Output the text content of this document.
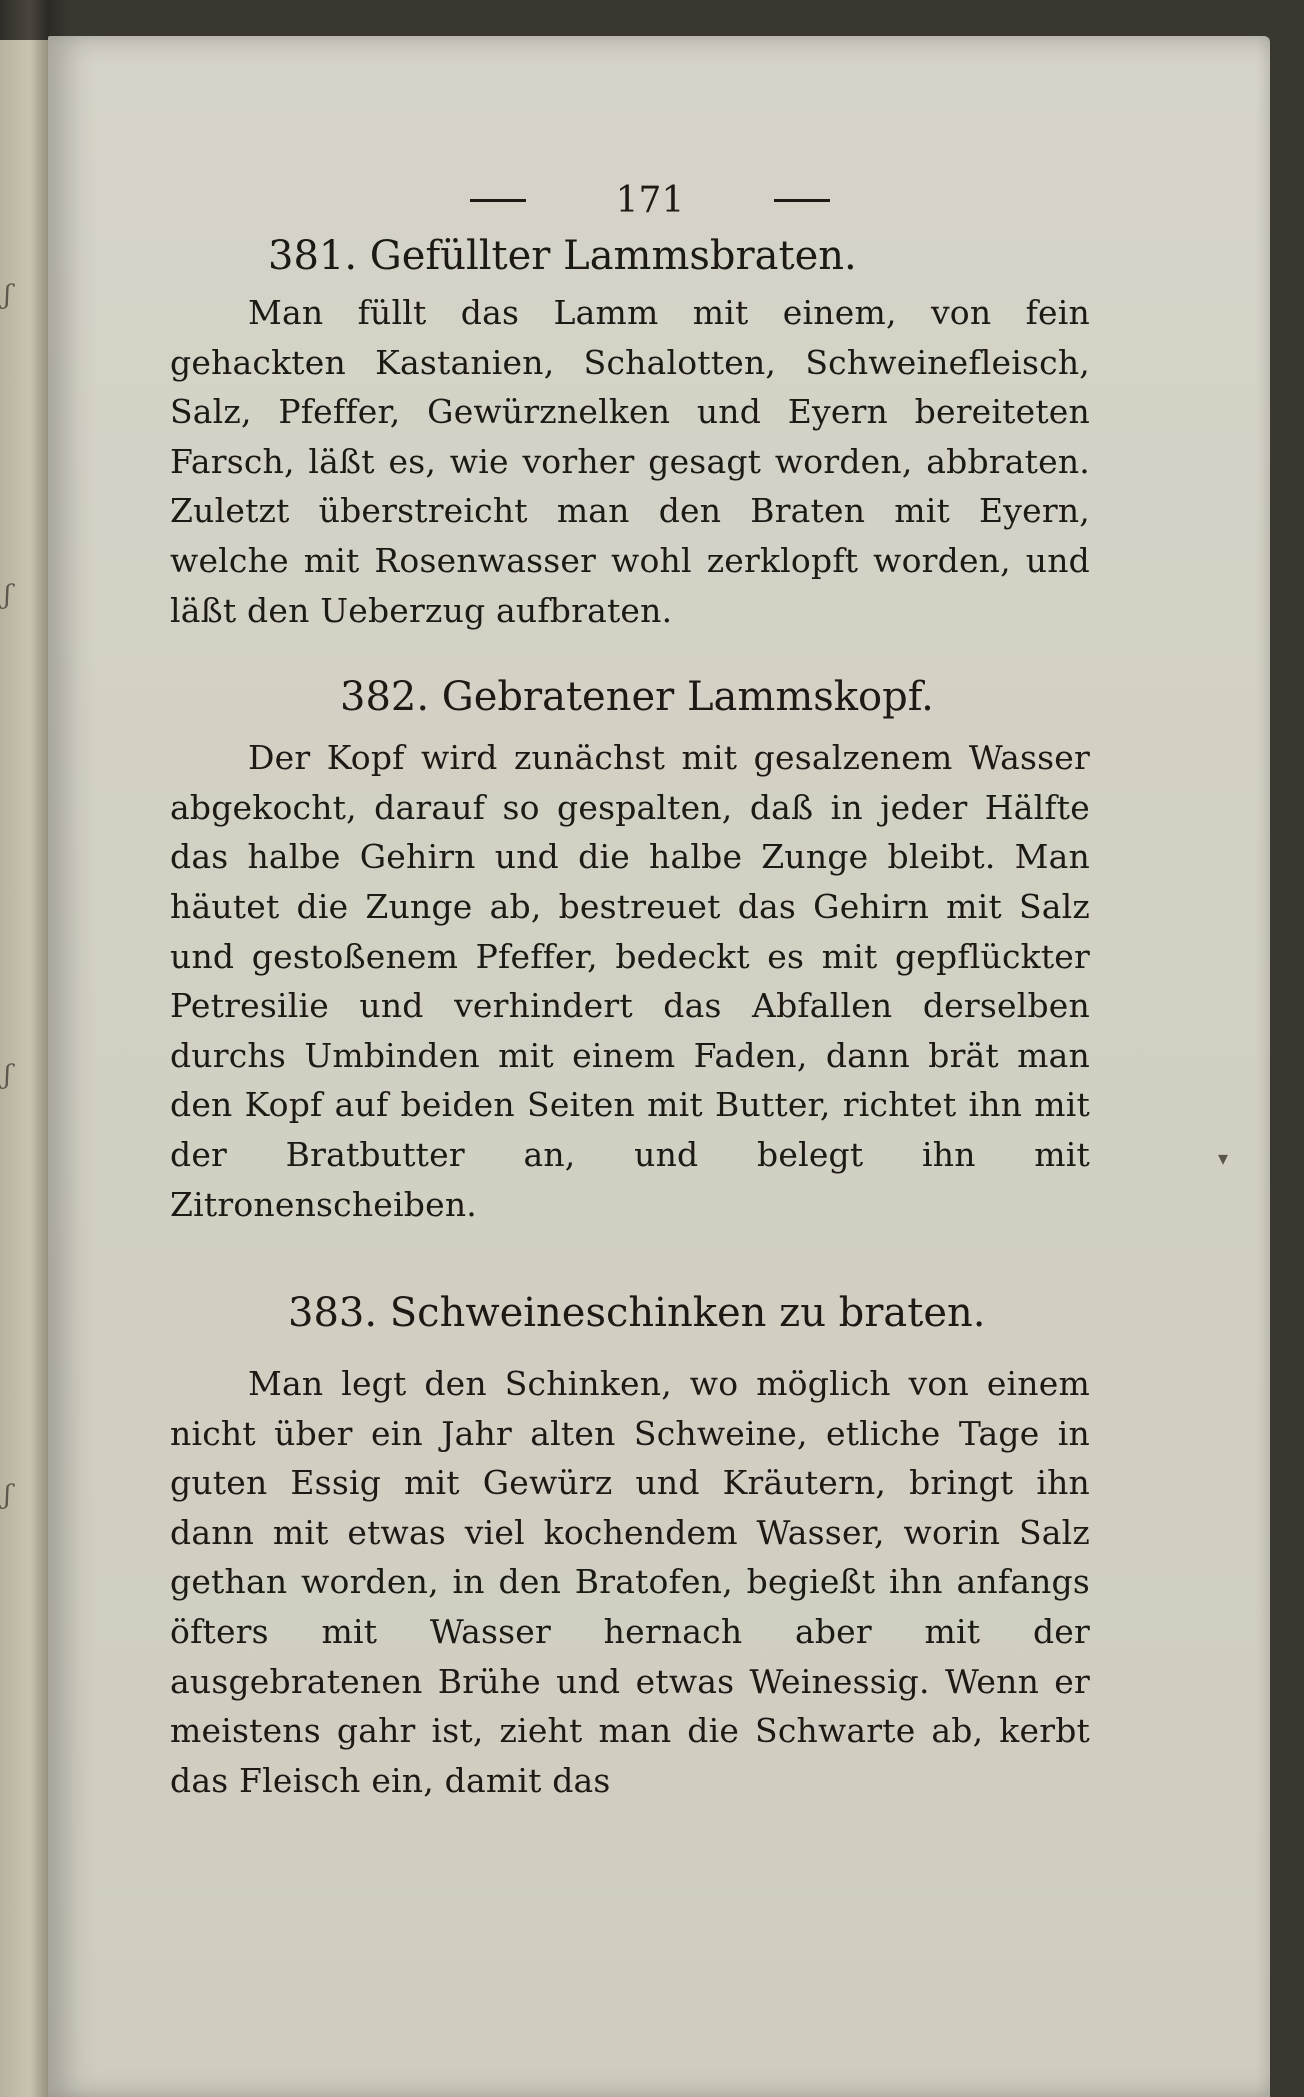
ʃ
ʃ
ʃ
ʃ
171
381. Gefüllter Lammsbraten.

Man füllt das Lamm mit einem, von fein gehackten Kastanien, Schalotten, Schweinefleisch, Salz, Pfeffer, Gewürznelken und Eyern bereiteten Farsch, läßt es, wie vorher gesagt worden, abbraten. Zuletzt überstreicht man den Braten mit Eyern, welche mit Rosenwasser wohl zerklopft worden, und läßt den Ueberzug aufbraten.

382. Gebratener Lammskopf.

Der Kopf wird zunächst mit gesalzenem Wasser abgekocht, darauf so gespalten, daß in jeder Hälfte das halbe Gehirn und die halbe Zunge bleibt. Man häutet die Zunge ab, bestreuet das Gehirn mit Salz und gestoßenem Pfeffer, bedeckt es mit gepflückter Petresilie und verhindert das Abfallen derselben durchs Umbinden mit einem Faden, dann brät man den Kopf auf beiden Seiten mit Butter, richtet ihn mit der Bratbutter an, und belegt ihn mit Zitronenscheiben.

383. Schweineschinken zu braten.

Man legt den Schinken, wo möglich von einem nicht über ein Jahr alten Schweine, etliche Tage in guten Essig mit Gewürz und Kräutern, bringt ihn dann mit etwas viel kochendem Wasser, worin Salz gethan worden, in den Bratofen, begießt ihn anfangs öfters mit Wasser hernach aber mit der ausgebratenen Brühe und etwas Weinessig. Wenn er meistens gahr ist, zieht man die Schwarte ab, kerbt das Fleisch ein, damit das

▾
